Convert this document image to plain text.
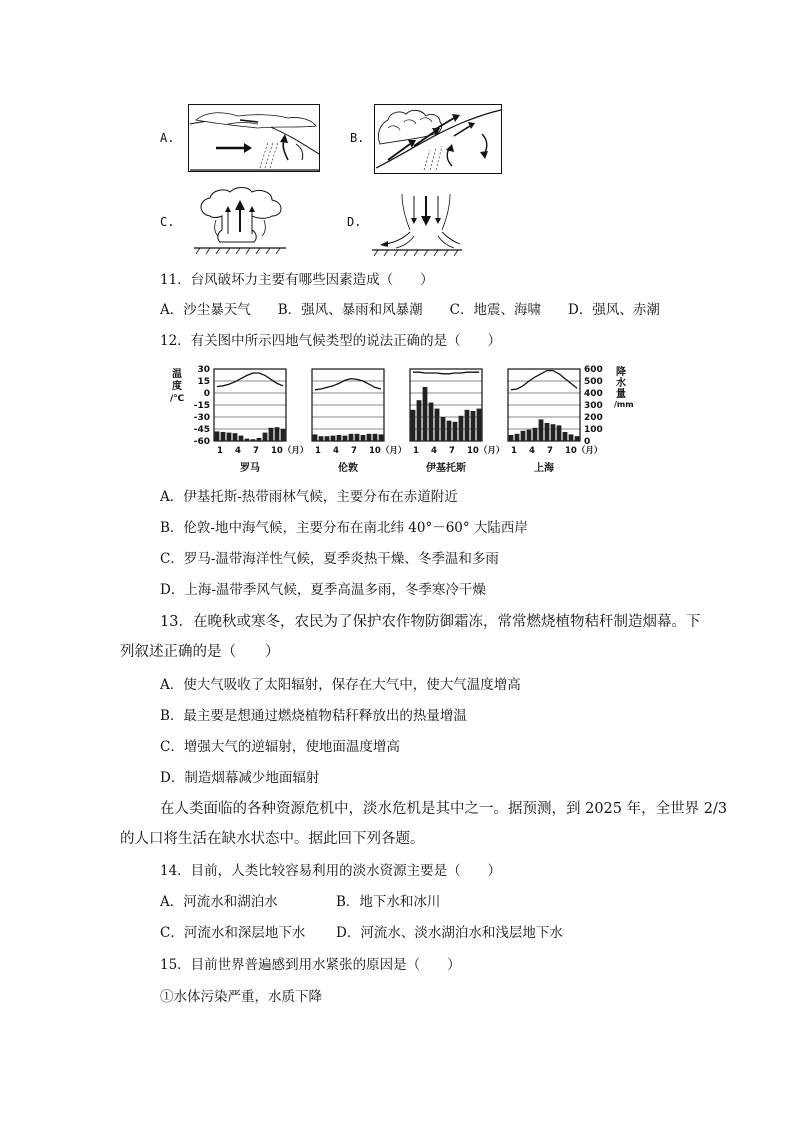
A.	B.
C.	D.
11．台风破坏力主要有哪些因素造成（　　）
A．沙尘暴天气　　B．强风、暴雨和风暴潮　　C．地震、海啸　　D．强风、赤潮
12．有关图中所示四地气候类型的说法正确的是（　　）
温
度
/℃
30
15
0
-15
-30
-45
-60
600
500
400
300
200
100
0
降
水
量
/mm
1 4 7 10（月）
罗马
1 4 7 10（月）
伦敦
1 4 7 10（月）
伊基托斯
1 4 7 10（月）
上海
A．伊基托斯-热带雨林气候，主要分布在赤道附近
B．伦敦-地中海气候，主要分布在南北纬 40°－60° 大陆西岸
C．罗马-温带海洋性气候，夏季炎热干燥、冬季温和多雨
D．上海-温带季风气候，夏季高温多雨，冬季寒冷干燥
13．在晚秋或寒冬，农民为了保护农作物防御霜冻，常常燃烧植物秸秆制造烟幕。下
列叙述正确的是（　　）
A．使大气吸收了太阳辐射，保存在大气中，使大气温度增高
B．最主要是想通过燃烧植物秸秆释放出的热量增温
C．增强大气的逆辐射，使地面温度增高
D．制造烟幕减少地面辐射
在人类面临的各种资源危机中，淡水危机是其中之一。据预测，到 2025 年，全世界 2/3
的人口将生活在缺水状态中。据此回下列各题。
14．目前，人类比较容易利用的淡水资源主要是（　　）
A．河流水和湖泊水	B．地下水和冰川
C．河流水和深层地下水 D．河流水、淡水湖泊水和浅层地下水
15．目前世界普遍感到用水紧张的原因是（　　）
①水体污染严重，水质下降
